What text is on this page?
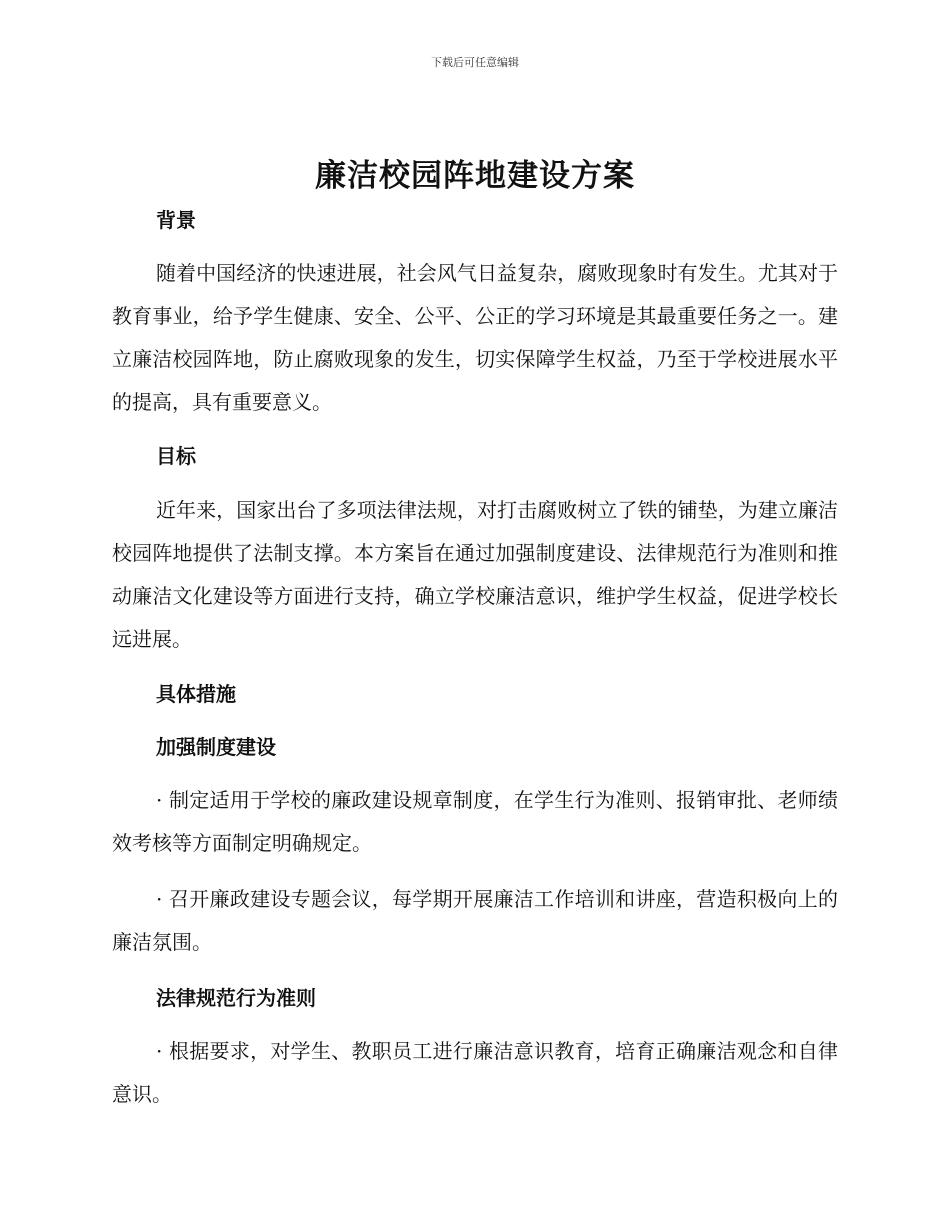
下载后可任意编辑
廉洁校园阵地建设方案
背景
随着中国经济的快速进展，社会风气日益复杂，腐败现象时有发生。尤其对于教育事业，给予学生健康、安全、公平、公正的学习环境是其最重要任务之一。建立廉洁校园阵地，防止腐败现象的发生，切实保障学生权益，乃至于学校进展水平的提高，具有重要意义。
目标
近年来，国家出台了多项法律法规，对打击腐败树立了铁的铺垫，为建立廉洁校园阵地提供了法制支撑。本方案旨在通过加强制度建设、法律规范行为准则和推动廉洁文化建设等方面进行支持，确立学校廉洁意识，维护学生权益，促进学校长远进展。
具体措施
加强制度建设
· 制定适用于学校的廉政建设规章制度，在学生行为准则、报销审批、老师绩效考核等方面制定明确规定。
· 召开廉政建设专题会议，每学期开展廉洁工作培训和讲座，营造积极向上的廉洁氛围。
法律规范行为准则
· 根据要求，对学生、教职员工进行廉洁意识教育，培育正确廉洁观念和自律意识。
